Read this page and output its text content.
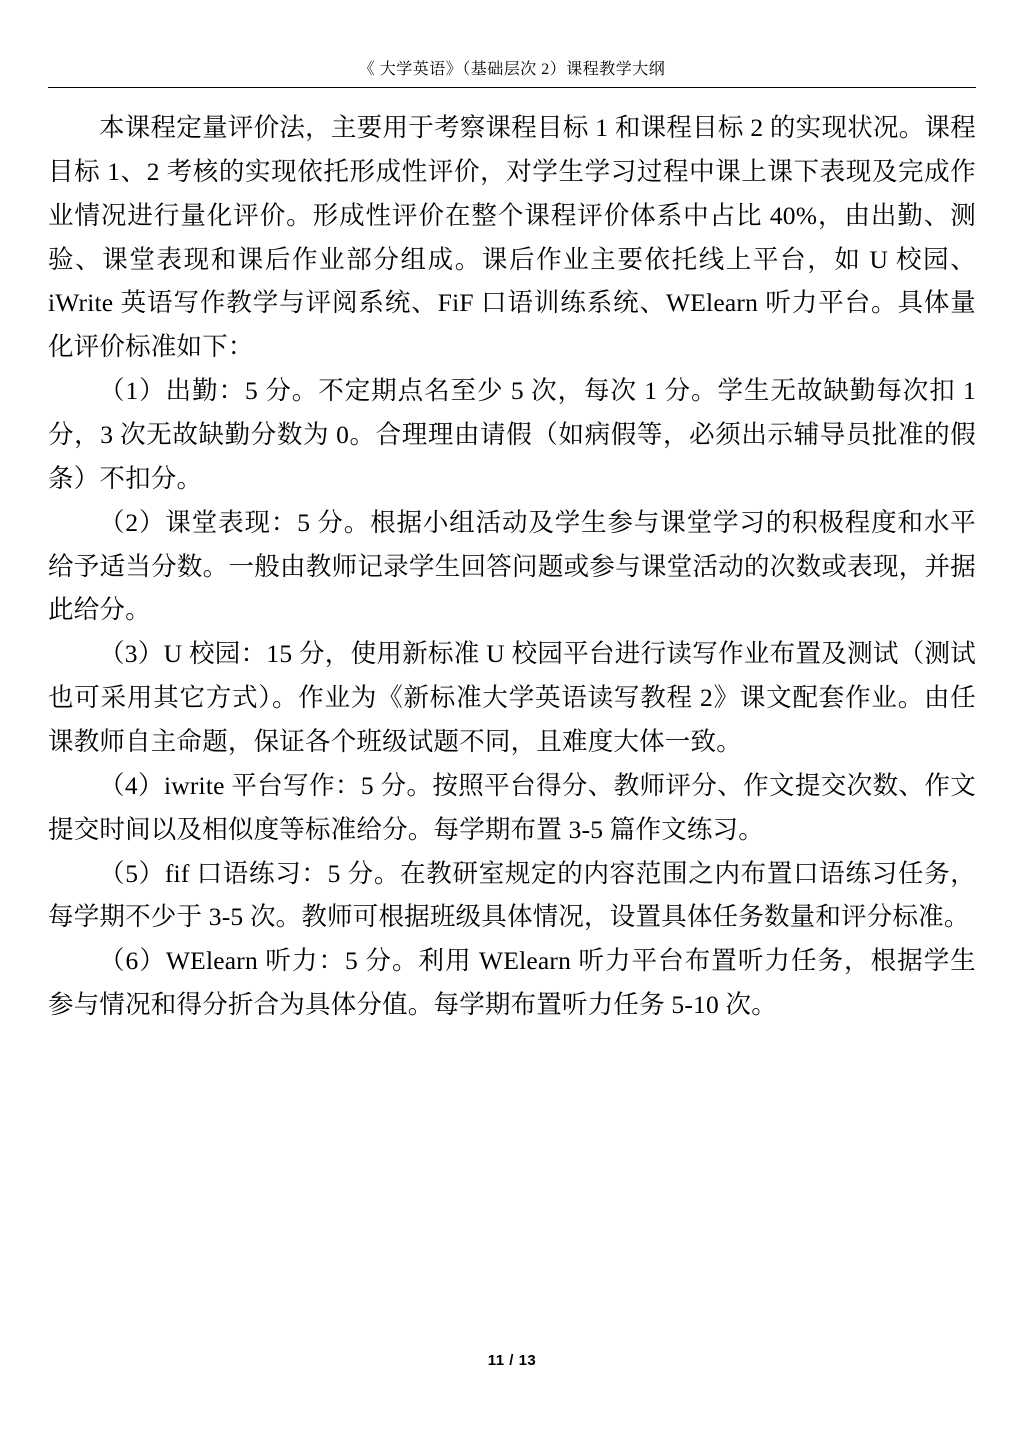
《 大学英语》（基础层次 2）课程教学大纲

本课程定量评价法，主要用于考察课程目标 1 和课程目标 2 的实现状况。课程目标 1、2 考核的实现依托形成性评价，对学生学习过程中课上课下表现及完成作业情况进行量化评价。形成性评价在整个课程评价体系中占比 40%，由出勤、测验、课堂表现和课后作业部分组成。课后作业主要依托线上平台，如 U 校园、iWrite 英语写作教学与评阅系统、FiF 口语训练系统、WElearn 听力平台。具体量化评价标准如下：

（1）出勤：5 分。不定期点名至少 5 次，每次 1 分。学生无故缺勤每次扣 1 分，3 次无故缺勤分数为 0。合理理由请假（如病假等，必须出示辅导员批准的假条）不扣分。

（2）课堂表现：5 分。根据小组活动及学生参与课堂学习的积极程度和水平给予适当分数。一般由教师记录学生回答问题或参与课堂活动的次数或表现，并据此给分。

（3）U 校园：15 分，使用新标准 U 校园平台进行读写作业布置及测试（测试也可采用其它方式）。作业为《新标准大学英语读写教程 2》课文配套作业。由任课教师自主命题，保证各个班级试题不同，且难度大体一致。

（4）iwrite 平台写作：5 分。按照平台得分、教师评分、作文提交次数、作文提交时间以及相似度等标准给分。每学期布置 3-5 篇作文练习。

（5）fif 口语练习：5 分。在教研室规定的内容范围之内布置口语练习任务，每学期不少于 3-5 次。教师可根据班级具体情况，设置具体任务数量和评分标准。

（6）WElearn 听力：5 分。利用 WElearn 听力平台布置听力任务，根据学生参与情况和得分折合为具体分值。每学期布置听力任务 5-10 次。

11 / 13
